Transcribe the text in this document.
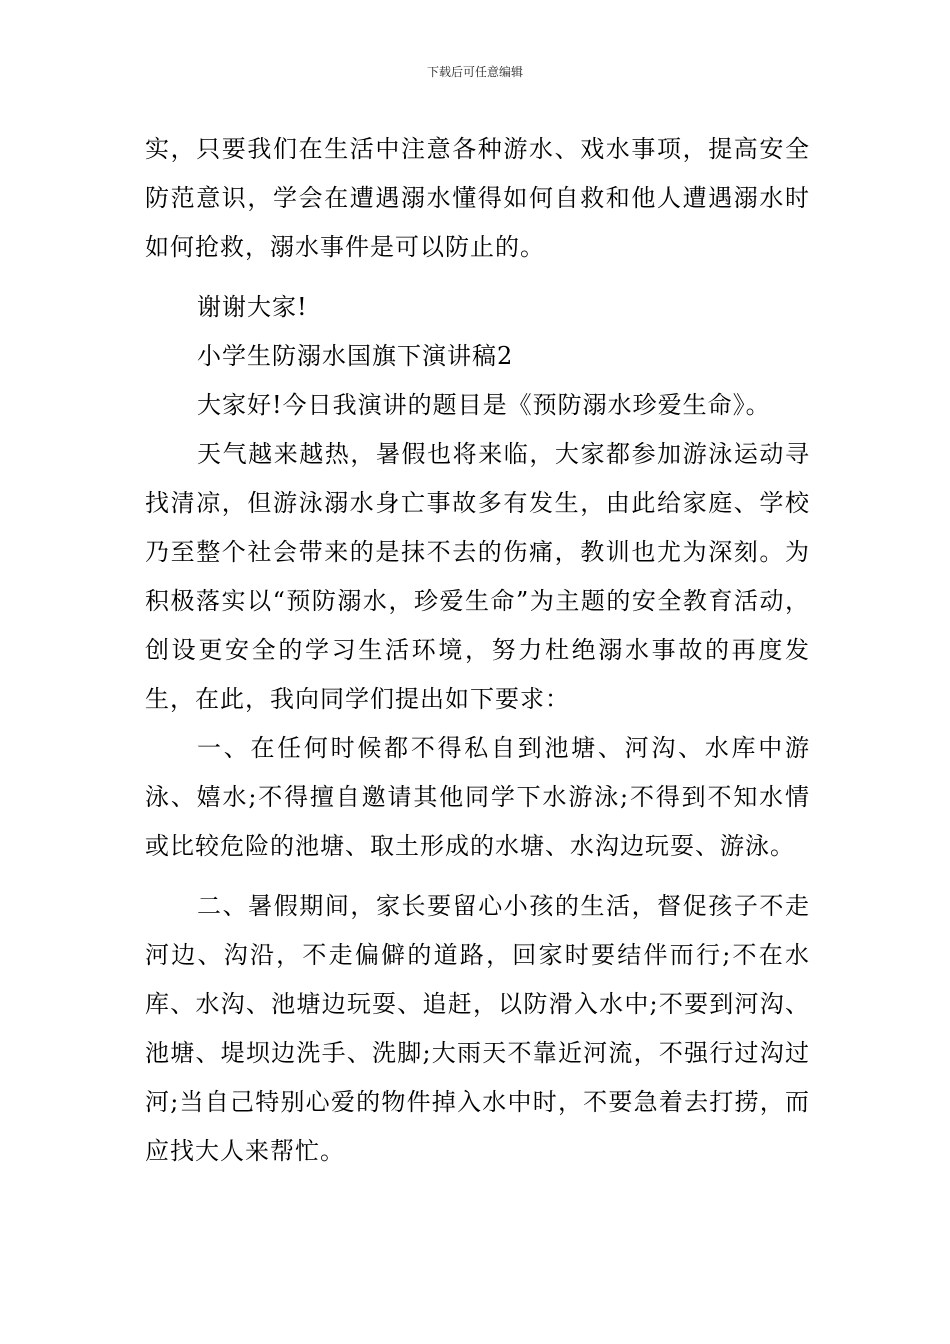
下载后可任意编辑

实，只要我们在生活中注意各种游水、戏水事项，提高安全防范意识，学会在遭遇溺水懂得如何自救和他人遭遇溺水时如何抢救，溺水事件是可以防止的。

谢谢大家!

小学生防溺水国旗下演讲稿2

大家好!今日我演讲的题目是《预防溺水珍爱生命》。

天气越来越热，暑假也将来临，大家都参加游泳运动寻找清凉，但游泳溺水身亡事故多有发生，由此给家庭、学校乃至整个社会带来的是抹不去的伤痛，教训也尤为深刻。为积极落实以“预防溺水，珍爱生命”为主题的安全教育活动，创设更安全的学习生活环境，努力杜绝溺水事故的再度发生，在此，我向同学们提出如下要求：

一、在任何时候都不得私自到池塘、河沟、水库中游泳、嬉水;不得擅自邀请其他同学下水游泳;不得到不知水情或比较危险的池塘、取土形成的水塘、水沟边玩耍、游泳。

二、暑假期间，家长要留心小孩的生活，督促孩子不走河边、沟沿，不走偏僻的道路，回家时要结伴而行;不在水库、水沟、池塘边玩耍、追赶，以防滑入水中;不要到河沟、池塘、堤坝边洗手、洗脚;大雨天不靠近河流，不强行过沟过河;当自己特别心爱的物件掉入水中时，不要急着去打捞，而应找大人来帮忙。
